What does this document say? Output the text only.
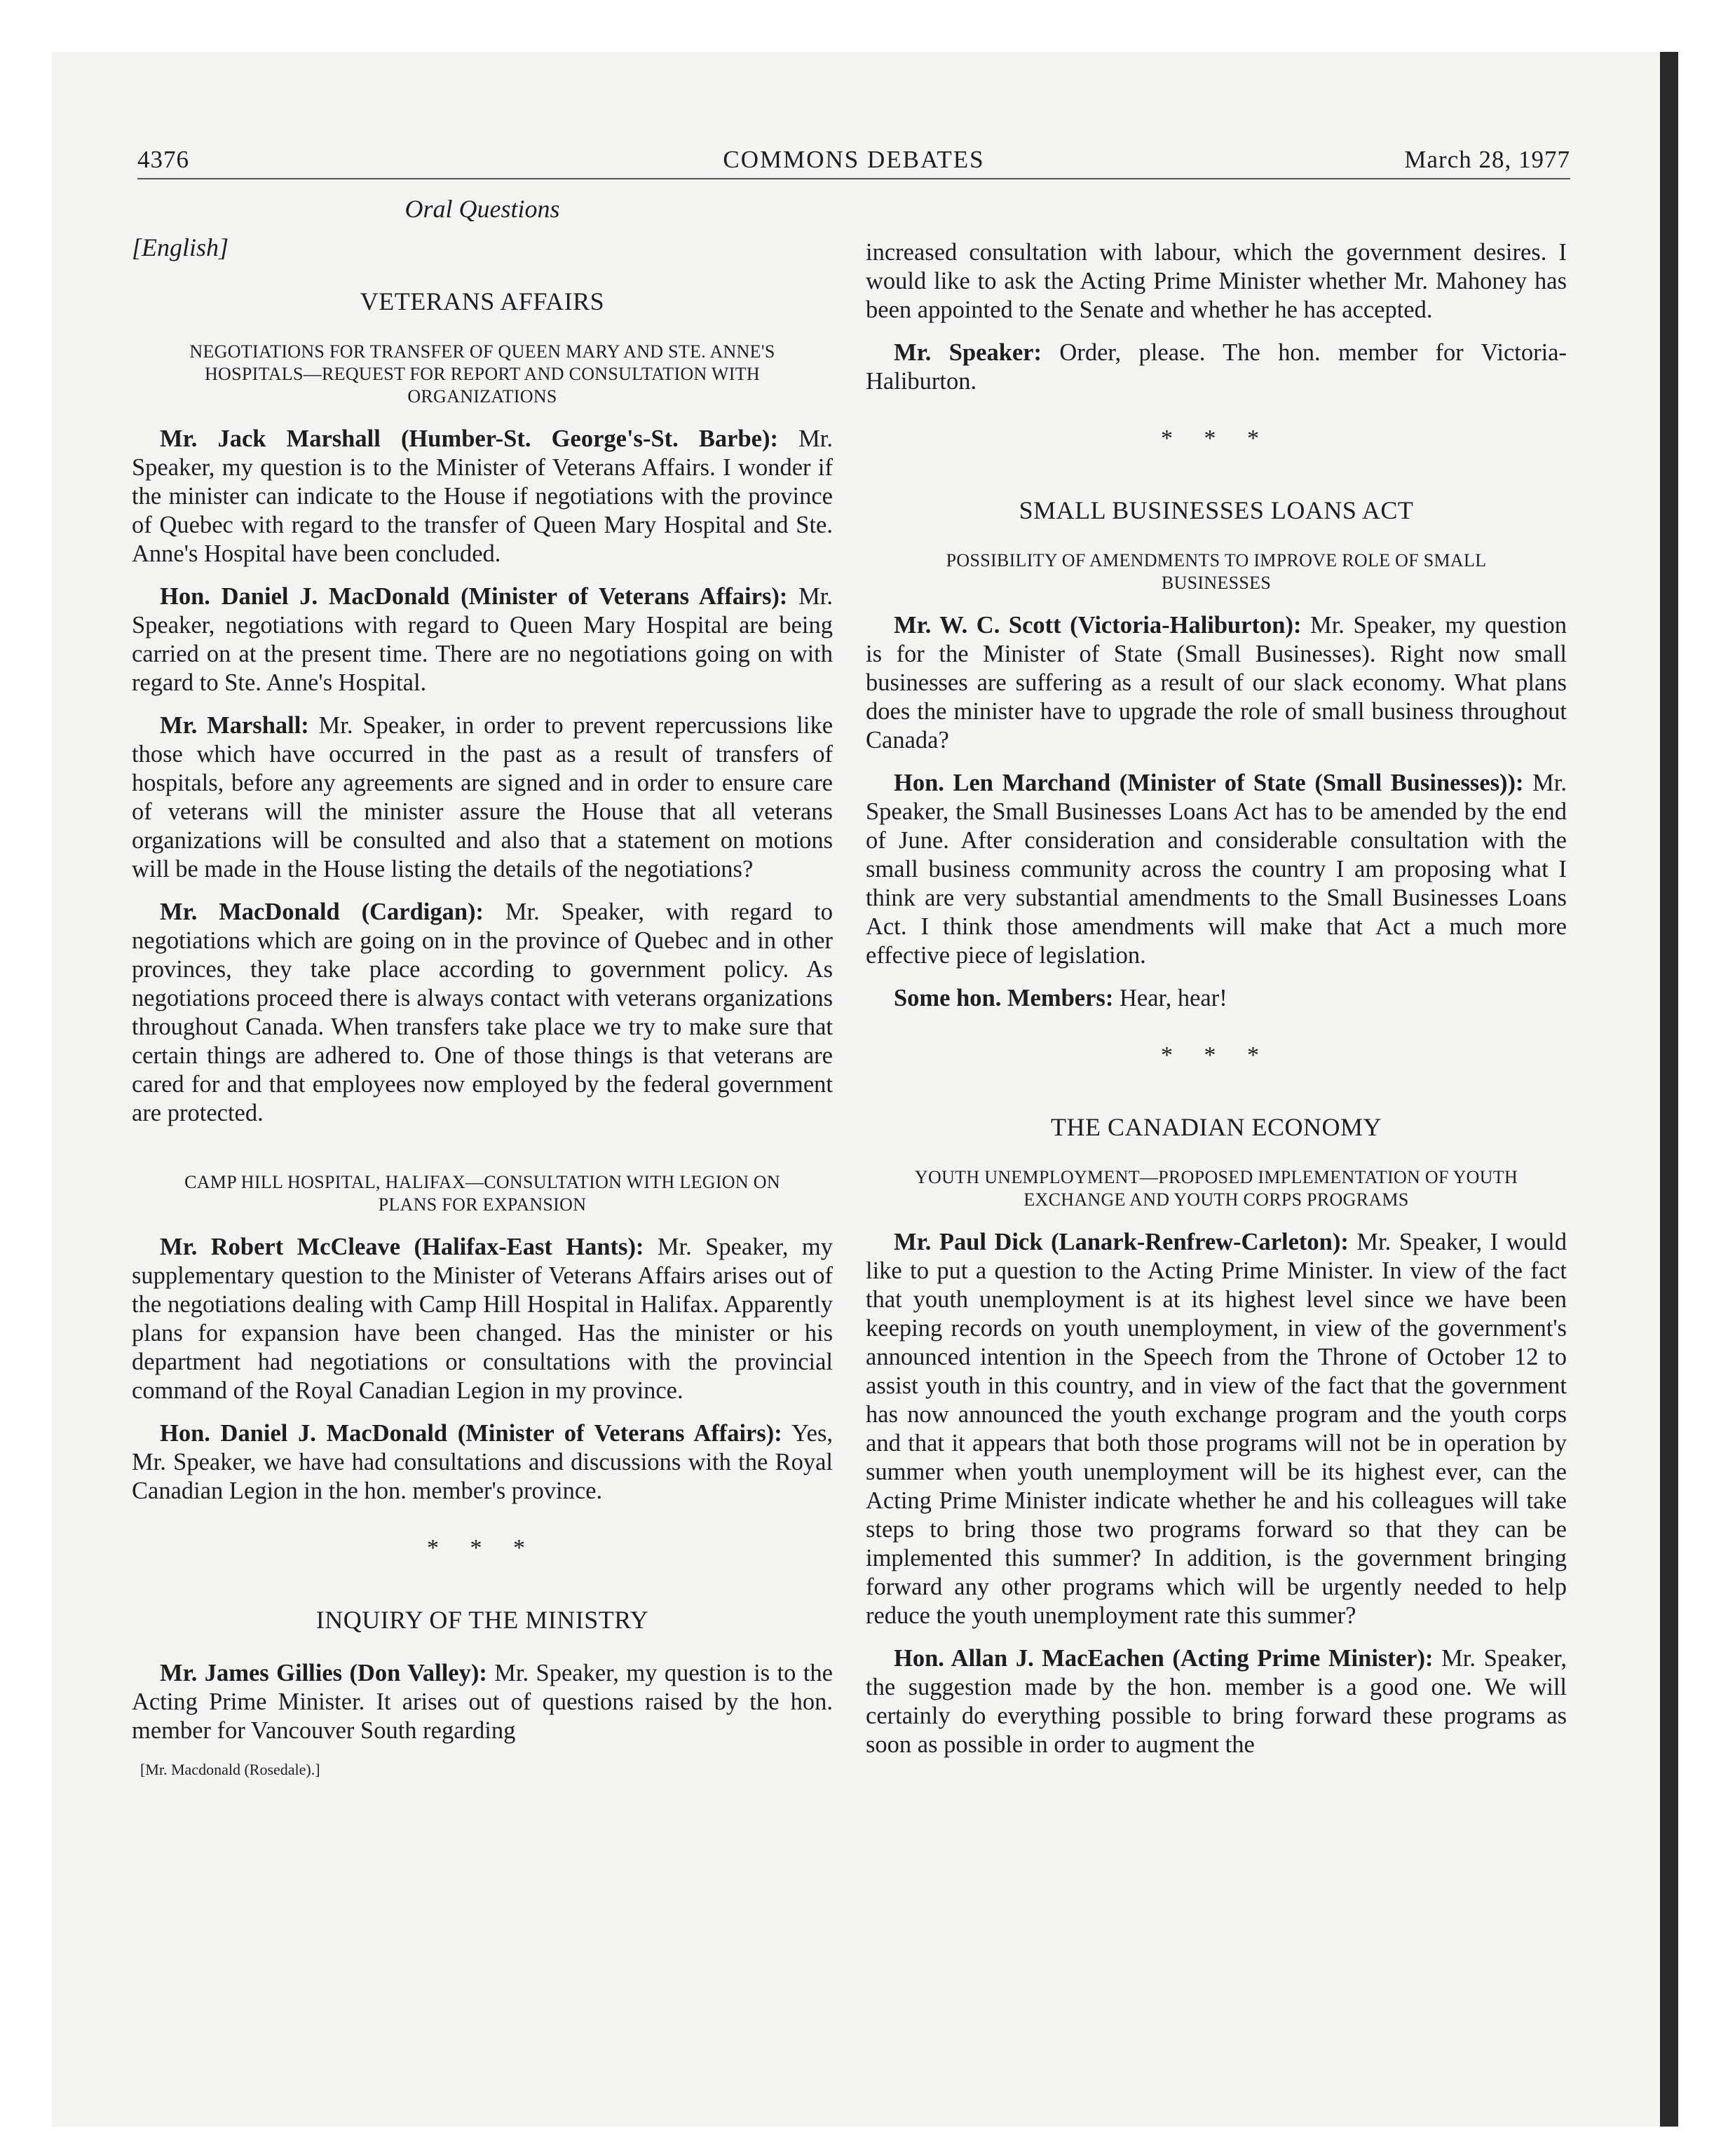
4376	COMMONS DEBATES	March 28, 1977
Oral Questions
[English]
VETERANS AFFAIRS
NEGOTIATIONS FOR TRANSFER OF QUEEN MARY AND STE. ANNE'S HOSPITALS—REQUEST FOR REPORT AND CONSULTATION WITH ORGANIZATIONS

Mr. Jack Marshall (Humber-St. George's-St. Barbe): Mr. Speaker, my question is to the Minister of Veterans Affairs. I wonder if the minister can indicate to the House if negotiations with the province of Quebec with regard to the transfer of Queen Mary Hospital and Ste. Anne's Hospital have been concluded.

Hon. Daniel J. MacDonald (Minister of Veterans Affairs): Mr. Speaker, negotiations with regard to Queen Mary Hospital are being carried on at the present time. There are no negotiations going on with regard to Ste. Anne's Hospital.

Mr. Marshall: Mr. Speaker, in order to prevent repercussions like those which have occurred in the past as a result of transfers of hospitals, before any agreements are signed and in order to ensure care of veterans will the minister assure the House that all veterans organizations will be consulted and also that a statement on motions will be made in the House listing the details of the negotiations?

Mr. MacDonald (Cardigan): Mr. Speaker, with regard to negotiations which are going on in the province of Quebec and in other provinces, they take place according to government policy. As negotiations proceed there is always contact with veterans organizations throughout Canada. When transfers take place we try to make sure that certain things are adhered to. One of those things is that veterans are cared for and that employees now employed by the federal government are protected.

CAMP HILL HOSPITAL, HALIFAX—CONSULTATION WITH LEGION ON PLANS FOR EXPANSION

Mr. Robert McCleave (Halifax-East Hants): Mr. Speaker, my supplementary question to the Minister of Veterans Affairs arises out of the negotiations dealing with Camp Hill Hospital in Halifax. Apparently plans for expansion have been changed. Has the minister or his department had negotiations or consultations with the provincial command of the Royal Canadian Legion in my province.

Hon. Daniel J. MacDonald (Minister of Veterans Affairs): Yes, Mr. Speaker, we have had consultations and discussions with the Royal Canadian Legion in the hon. member's province.

* * *
INQUIRY OF THE MINISTRY

Mr. James Gillies (Don Valley): Mr. Speaker, my question is to the Acting Prime Minister. It arises out of questions raised by the hon. member for Vancouver South regarding

[Mr. Macdonald (Rosedale).]

increased consultation with labour, which the government desires. I would like to ask the Acting Prime Minister whether Mr. Mahoney has been appointed to the Senate and whether he has accepted.

Mr. Speaker: Order, please. The hon. member for Victoria-Haliburton.

* * *
SMALL BUSINESSES LOANS ACT
POSSIBILITY OF AMENDMENTS TO IMPROVE ROLE OF SMALL BUSINESSES

Mr. W. C. Scott (Victoria-Haliburton): Mr. Speaker, my question is for the Minister of State (Small Businesses). Right now small businesses are suffering as a result of our slack economy. What plans does the minister have to upgrade the role of small business throughout Canada?

Hon. Len Marchand (Minister of State (Small Businesses)): Mr. Speaker, the Small Businesses Loans Act has to be amended by the end of June. After consideration and considerable consultation with the small business community across the country I am proposing what I think are very substantial amendments to the Small Businesses Loans Act. I think those amendments will make that Act a much more effective piece of legislation.

Some hon. Members: Hear, hear!

* * *
THE CANADIAN ECONOMY
YOUTH UNEMPLOYMENT—PROPOSED IMPLEMENTATION OF YOUTH EXCHANGE AND YOUTH CORPS PROGRAMS

Mr. Paul Dick (Lanark-Renfrew-Carleton): Mr. Speaker, I would like to put a question to the Acting Prime Minister. In view of the fact that youth unemployment is at its highest level since we have been keeping records on youth unemployment, in view of the government's announced intention in the Speech from the Throne of October 12 to assist youth in this country, and in view of the fact that the government has now announced the youth exchange program and the youth corps and that it appears that both those programs will not be in operation by summer when youth unemployment will be its highest ever, can the Acting Prime Minister indicate whether he and his colleagues will take steps to bring those two programs forward so that they can be implemented this summer? In addition, is the government bringing forward any other programs which will be urgently needed to help reduce the youth unemployment rate this summer?

Hon. Allan J. MacEachen (Acting Prime Minister): Mr. Speaker, the suggestion made by the hon. member is a good one. We will certainly do everything possible to bring forward these programs as soon as possible in order to augment the
